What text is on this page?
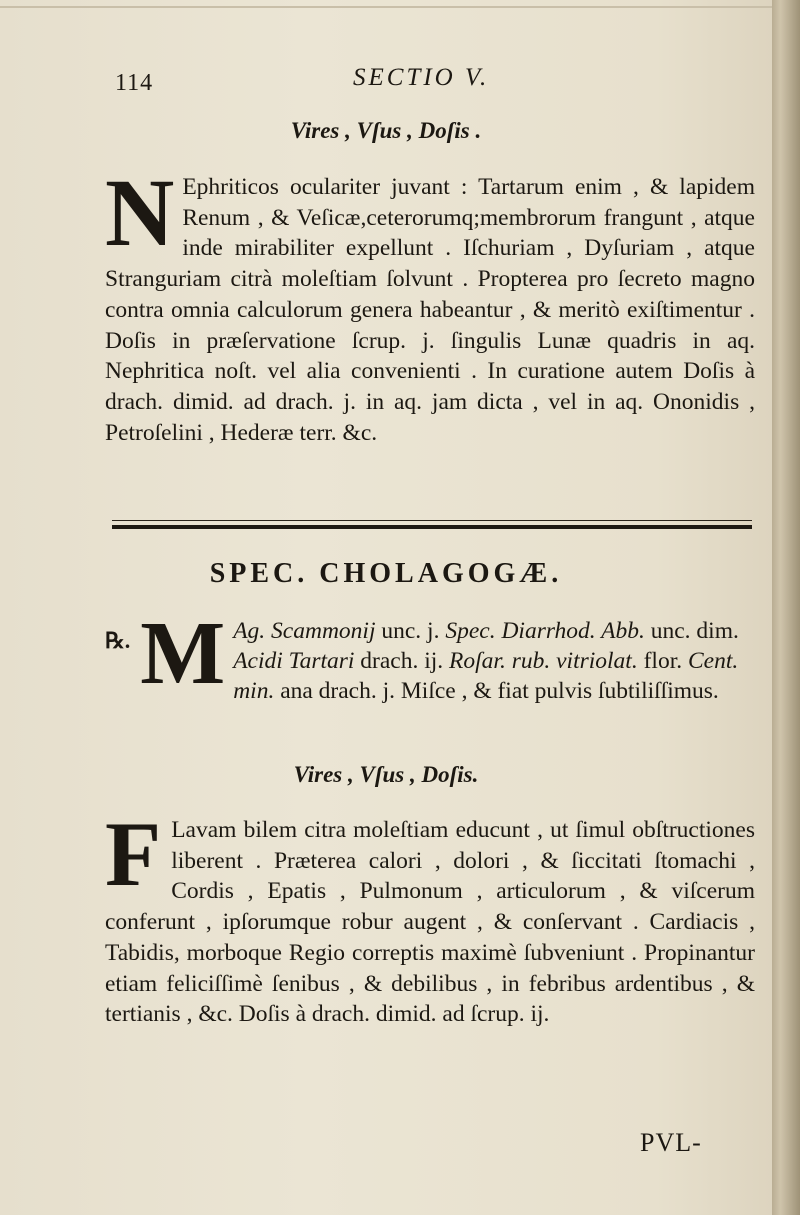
114	SECTIO V.
Vires , Vſus , Doſis .
N Ephriticos oculariter juvant : Tartarum enim , & lapidem Renum , & Veſicæ,ceterorumq;membrorum frangunt , atque inde mirabiliter expellunt . Iſchuriam , Dyſuriam , atque Stranguriam citrà moleſtiam ſolvunt . Propterea pro ſecreto magno contra omnia calculorum genera habeantur , & meritò exiſtimentur . Doſis in præſervatione ſcrup. j. ſingulis Lunæ quadris in aq. Nephritica noſt. vel alia convenienti . In curatione autem Doſis à drach. dimid. ad drach. j. in aq. jam dicta , vel in aq. Ononidis , Petroſelini , Hederæ terr. &c.
SPEC. CHOLAGOGÆ.
℞. M Ag. Scammonij unc. j. Spec. Diarrhod. Abb. unc. dim. Acidi Tartari drach. ij. Roſar. rub. vitriolat. flor. Cent. min. ana drach. j. Miſce , & fiat pulvis ſubtiliſſimus.
Vires , Vſus , Doſis.
F Lavam bilem citra moleſtiam educunt , ut ſimul obſtructiones liberent . Præterea calori , dolori , & ſiccitati ſtomachi , Cordis , Epatis , Pulmonum , articulorum , & viſcerum conferunt , ipſorumque robur augent , & conſervant . Cardiacis , Tabidis, morboque Regio correptis maximè ſubveniunt . Propinantur etiam feliciſſimè ſenibus , & debilibus , in febribus ardentibus , & tertianis , &c. Doſis à drach. dimid. ad ſcrup. ij.
PVL-
